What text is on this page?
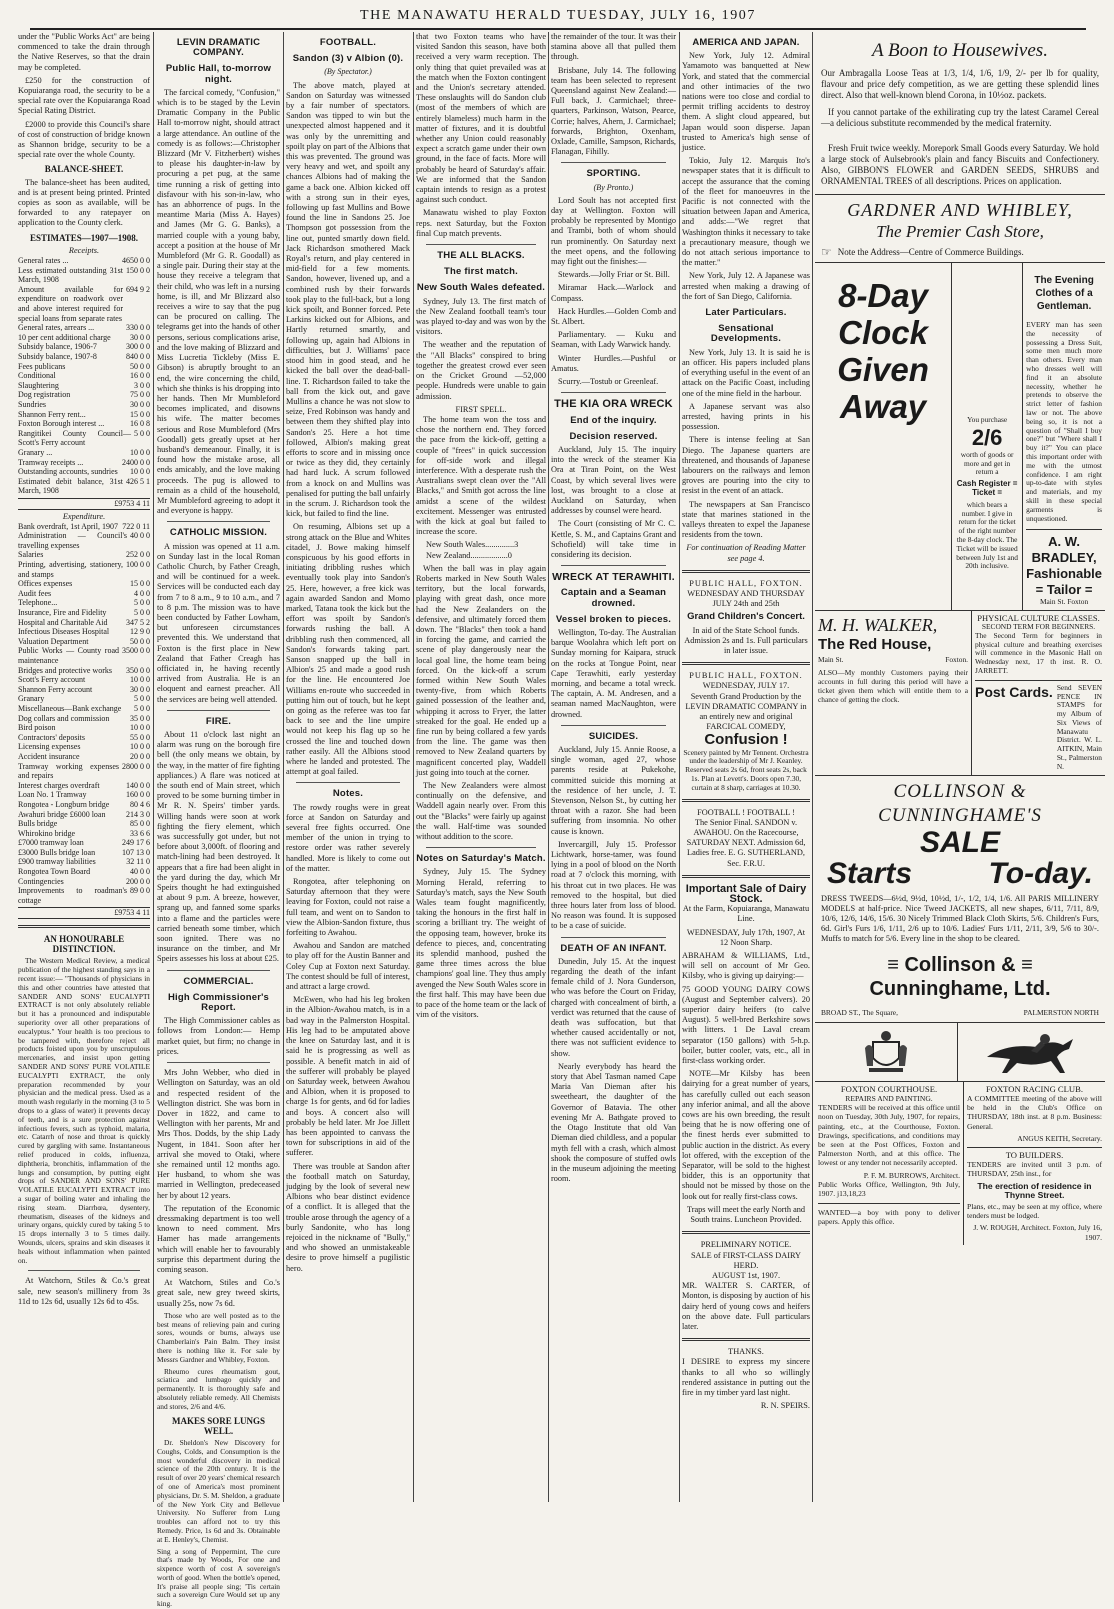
THE MANAWATU HERALD TUESDAY, JULY 16, 1907

under the "Public Works Act" are being commenced to take the drain through the Native Reserves, so that the drain may be completed.

£250 for the construction of Kopuiaranga road, the security to be a special rate over the Kopuiaranga Road Special Rating District.

£2000 to provide this Council's share of cost of construction of bridge known as Shannon bridge, security to be a special rate over the whole County.

BALANCE-SHEET.

The balance-sheet has been audited, and is at present being printed. Printed copies as soon as available, will be forwarded to any ratepayer on application to the County clerk.

ESTIMATES—1907—1908.
Receipts.
General rates ...	4650 0 0
Less estimated outstanding 31st March, 1908
150 0 0
Amount available for expenditure on roadwork over and above interest required for special loans from separate rates
694 9 2
General rates, arrears ...	330 0 0
10 per cent additional charge	30 0 0
Subsidy balance, 1906-7	300 0 0
Subsidy balance, 1907-8	840 0 0
Fees publicans	50 0 0
Conditional	16 0 0
Slaughtering	3 0 0
Dog registration	75 0 0
Sundries	30 0 0
Shannon Ferry rent...	15 0 0
Foxton Borough interest ...	16 0 8
Rangitikei County Council—Scott's Ferry account
5 0 0
Granary ...	10 0 0
Tramway receipts ...	2400 0 0
Outstanding accounts, sundries	10 0 0
Estimated debit balance, 31st March, 1908
426 5 1
£9753 4 11
Expenditure.
Bank overdraft, 1st April, 1907 722 0 11
Administration — Council's travelling expenses
40 0 0
Salaries	252 0 0
Printing, advertising, stationery, and stamps
100 0 0
Offices expenses	15 0 0
Audit fees	4 0 0
Telephone...	5 0 0
Insurance, Fire and Fidelity	5 0 0
Hospital and Charitable Aid	347 5 2
Infectious Diseases Hospital	12 9 0
Valuation Department	50 0 0
Public Works — County road maintenance
3500 0 0
Bridges and protective works	350 0 0
Scott's Ferry account	10 0 0
Shannon Ferry account	30 0 0
Granary	5 0 0
Miscellaneous—Bank exchange	5 0 0
Dog collars and commission	35 0 0
Bird poison	10 0 0
Contractors' deposits	55 0 0
Licensing expenses	10 0 0
Accident insurance	20 0 0
Tramway working expenses and repairs
2800 0 0
Interest charges overdraft	140 0 0
Loan No. 1 Tramway	160 0 0
Rongotea - Longburn bridge	80 4 6
Awahuri bridge £6000 loan	214 3 0
Bulls bridge	85 0 0
Whirokino bridge	33 6 6
£7000 tramway loan	249 17 6
£3000 Bulls bridge loan	107 13 0
£900 tramway liabilities	32 11 0
Rongotea Town Board	40 0 0
Contingencies	200 0 0
Improvements to roadman's cottage
89 0 0
£9753 4 11
AN HONOURABLE DISTINCTION.

The Western Medical Review, a medical publication of the highest standing says in a recent issue:— "Thousands of physicians in this and other countries have attested that SANDER AND SONS' EUCALYPTI EXTRACT is not only absolutely reliable but it has a pronounced and indisputable superiority over all other preparations of eucalyptus." Your health is too precious to be tampered with, therefore reject all products foisted upon you by unscrupulous mercenaries, and insist upon getting SANDER AND SONS' PURE VOLATILE EUCALYPTI EXTRACT, the only preparation recommended by your physician and the medical press. Used as a mouth wash regularly in the morning (3 to 5 drops to a glass of water) it prevents decay of teeth, and is a sure protection against infectious fevers, such as typhoid, malaria, etc. Catarrh of nose and throat is quickly cured by gargling with same. Instantaneous relief produced in colds, influenza, diphtheria, bronchitis, inflammation of the lungs and consumption, by putting eight drops of SANDER AND SONS' PURE VOLATILE EUCALYPTI EXTRACT into a sugar of boiling water and inhaling the rising steam. Diarrhœa, dysentery, rheumatism, diseases of the kidneys and urinary organs, quickly cured by taking 5 to 15 drops internally 3 to 5 times daily. Wounds, ulcers, sprains and skin diseases it heals without inflammation when painted on.

At Watchorn, Stiles & Co.'s great sale, new season's millinery from 3s 11d to 12s 6d, usually 12s 6d to 45s.

LEVIN DRAMATIC COMPANY.
Public Hall, to-morrow night.

The farcical comedy, "Confusion," which is to be staged by the Levin Dramatic Company in the Public Hall to-morrow night, should attract a large attendance. An outline of the comedy is as follows:—Christopher Blizzard (Mr V. Fitzherbert) wishes to please his daughter-in-law by procuring a pet pug, at the same time running a risk of getting into disfavour with his son-in-law, who has an abhorrence of pugs. In the meantime Maria (Miss A. Hayes) and James (Mr G. G. Banks), a married couple with a young baby, accept a position at the house of Mr Mumbleford (Mr G. R. Goodall) as a single pair. During their stay at the house they receive a telegram that their child, who was left in a nursing home, is ill, and Mr Blizzard also receives a wire to say that the pug can be procured on calling. The telegrams get into the hands of other persons, serious complications arise, and the love making of Blizzard and Miss Lucretia Tickleby (Miss E. Gibson) is abruptly brought to an end, the wire concerning the child, which she thinks is his dropping into her hands. Then Mr Mumbleford becomes implicated, and disowns his wife. The matter becomes serious and Rose Mumbleford (Mrs Goodall) gets greatly upset at her husband's demeanour. Finally, it is found how the mistake arose, all ends amicably, and the love making proceeds. The pug is allowed to remain as a child of the household, Mr Mumbleford agreeing to adopt it and everyone is happy.

CATHOLIC MISSION.

A mission was opened at 11 a.m. on Sunday last in the local Roman Catholic Church, by Father Creagh, and will be continued for a week. Services will be conducted each day from 7 to 8 a.m., 9 to 10 a.m., and 7 to 8 p.m. The mission was to have been conducted by Father Lowham, but unforeseen circumstances prevented this. We understand that Foxton is the first place in New Zealand that Father Creagh has officiated in, he having recently arrived from Australia. He is an eloquent and earnest preacher. All the services are being well attended.

FIRE.

About 11 o'clock last night an alarm was rung on the borough fire bell (the only means we obtain, by the way, in the matter of fire fighting appliances.) A flare was noticed at the south end of Main street, which proved to be some burning timber in Mr R. N. Speirs' timber yards. Willing hands were soon at work fighting the fiery element, which was successfully got under, but not before about 3,000ft. of flooring and match-lining had been destroyed. It appears that a fire had been alight in the yard during the day, which Mr Speirs thought he had extinguished at about 9 p.m. A breeze, however, sprang up, and fanned some sparks into a flame and the particles were carried beneath some timber, which soon ignited. There was no insurance on the timber, and Mr Speirs assesses his loss at about £25.

COMMERCIAL.
High Commissioner's Report.

The High Commissioner cables as follows from London:— Hemp market quiet, but firm; no change in prices.

Mrs John Webber, who died in Wellington on Saturday, was an old and respected resident of the Wellington district. She was born in Dover in 1822, and came to Wellington with her parents, Mr and Mrs Thos. Dodds, by the ship Lady Nugent, in 1841. Soon after her arrival she moved to Otaki, where she remained until 12 months ago. Her husband, to whom she was married in Wellington, predeceased her by about 12 years.

The reputation of the Economic dressmaking department is too well known to need comment. Mrs Hamer has made arrangements which will enable her to favourably surprise this department during the coming season.

At Watchorn, Stiles and Co.'s great sale, new grey tweed skirts, usually 25s, now 7s 6d.

Those who are well posted as to the best means of relieving pain and curing sores, wounds or burns, always use Chamberlain's Pain Balm. They insist there is nothing like it. For sale by Messrs Gardner and Whibley, Foxton.

Rheumo cures rheumatism gout, sciatica and lumbago quickly and permanently. It is thoroughly safe and absolutely reliable remedy. All Chemists and stores, 2/6 and 4/6.

MAKES SORE LUNGS WELL.

Dr. Sheldon's New Discovery for Coughs, Colds, and Consumption is the most wonderful discovery in medical science of the 20th century. It is the result of over 20 years' chemical research of one of America's most prominent physicians, Dr. S. M. Sheldon, a graduate of the New York City and Bellevue University. No Sufferer from Lung troubles can afford not to try this Remedy. Price, 1s 6d and 3s. Obtainable at E. Henley's, Chemist.

Sing a song of Peppermint, The cure that's made by Woods, For one and sixpence worth of cost A sovereign's worth of good. When the bottle's opened, It's praise all people sing; 'Tis certain such a sovereign Cure Would set up any king.

FOOTBALL.
Sandon (3) v Albion (0).
(By Spectator.)

The above match, played at Sandon on Saturday was witnessed by a fair number of spectators. Sandon was tipped to win but the unexpected almost happened and it was only by the unremitting and spoilt play on part of the Albions that this was prevented. The ground was very heavy and wet, and spoilt any chances Albions had of making the game a back one. Albion kicked off with a strong sun in their eyes, following up fast Mullins and Bowe found the line in Sandons 25. Joe Thompson got possession from the line out, punted smartly down field. Jack Richardson smothered Mack Royal's return, and play centered in mid-field for a few moments. Sandon, however, livened up, and a combined rush by their forwards took play to the full-back, but a long kick spoilt, and Bonner forced. Pete Larkins kicked out for Albions, and Hartly returned smartly, and following up, again had Albions in difficulties, but J. Williams' pace stood him in good stead, and he kicked the ball over the dead-ball-line. T. Richardson failed to take the ball from the kick out, and gave Mullins a chance he was not slow to seize, Fred Robinson was handy and between them they shifted play into Sandon's 25. Here a hot time followed, Albion's making great efforts to score and in missing once or twice as they did, they certainly had hard luck. A scrum followed from a knock on and Mullins was penalised for putting the ball unfairly in the scrum. J. Richardson took the kick, but failed to find the line.

On resuming, Albions set up a strong attack on the Blue and Whites citadel, J. Bowe making himself conspicuous by his good efforts in initiating dribbling rushes which eventually took play into Sandon's 25. Here, however, a free kick was again awarded Sandon and Momo marked, Tatana took the kick but the effort was spoilt by Sandon's forwards rushing the ball. A dribbling rush then commenced, all Sandon's forwards taking part. Sanson snapped up the ball in Albion's 25 and made a good rush for the line. He encountered Joe Williams en-route who succeeded in putting him out of touch, but he kept on going as the referee was too far back to see and the line umpire would not keep his flag up so he crossed the line and touched down rather easily. All the Albions stood where he landed and protested. The attempt at goal failed.

Notes.

The rowdy roughs were in great force at Sandon on Saturday and several free fights occurred. One member of the union in trying to restore order was rather severely handled. More is likely to come out of the matter.

Rongotea, after telephoning on Saturday afternoon that they were leaving for Foxton, could not raise a full team, and went on to Sandon to view the Albion-Sandon fixture, thus forfeiting to Awahou.

Awahou and Sandon are matched to play off for the Austin Banner and Coley Cup at Foxton next Saturday. The contest should be full of interest, and attract a large crowd.

McEwen, who had his leg broken in the Albion-Awahou match, is in a bad way in the Palmerston Hospital. His leg had to be amputated above the knee on Saturday last, and it is said he is progressing as well as possible. A benefit match in aid of the sufferer will probably be played on Saturday week, between Awahou and Albion, when it is proposed to charge 1s for gents, and 6d for ladies and boys. A concert also will probably be held later. Mr Joe Jillett has been appointed to canvass the town for subscriptions in aid of the sufferer.

There was trouble at Sandon after the football match on Saturday, judging by the look of several new Albions who bear distinct evidence of a conflict. It is alleged that the trouble arose through the agency of a burly Sandonite, who has long rejoiced in the nickname of "Bully," and who showed an unmistakeable desire to prove himself a pugilistic hero.

that two Foxton teams who have visited Sandon this season, have both received a very warm reception. The only thing that quiet prevailed was at the match when the Foxton contingent and the Union's secretary attended. These onslaughts will do Sandon club (most of the members of which are entirely blameless) much harm in the matter of fixtures, and it is doubtful whether any Union could reasonably expect a scratch game under their own ground, in the face of facts. More will probably be heard of Saturday's affair. We are informed that the Sandon captain intends to resign as a protest against such conduct.

Manawatu wished to play Foxton reps. next Saturday, but the Foxton final Cup match prevents.

THE ALL BLACKS.
The first match.
New South Wales defeated.

Sydney, July 13. The first match of the New Zealand football team's tour was played to-day and was won by the visitors.

The weather and the reputation of the "All Blacks" conspired to bring together the greatest crowd ever seen on the Cricket Ground —52,000 people. Hundreds were unable to gain admission.

FIRST SPELL.

The home team won the toss and chose the northern end. They forced the pace from the kick-off, getting a couple of "frees" in quick succession for off-side work and illegal interference. With a desperate rush the Australians swept clean over the "All Blacks," and Smith got across the line amidst a scene of the wildest excitement. Messenger was entrusted with the kick at goal but failed to increase the score.

New South Wales..............3
New Zealand..................0

When the ball was in play again Roberts marked in New South Wales territory, but the local forwards, playing with great dash, once more had the New Zealanders on the defensive, and ultimately forced them down. The "Blacks" then took a hand in forcing the game, and carried the scene of play dangerously near the local goal line, the home team being forced. On the kick-off a scrum formed within New South Wales twenty-five, from which Roberts gained possession of the leather and, whipping it across to Fryer, the latter streaked for the goal. He ended up a fine run by being collared a few yards from the line. The game was then removed to New Zealand quarters by magnificent concerted play, Waddell just going into touch at the corner.

The New Zealanders were almost continually on the defensive, and Waddell again nearly over. From this out the "Blacks" were fairly up against the wall. Half-time was sounded without addition to the score.

Notes on Saturday's Match.

Sydney, July 15. The Sydney Morning Herald, referring to Saturday's match, says the New South Wales team fought magnificently, taking the honours in the first half in scoring a brilliant try. The weight of the opposing team, however, broke its defence to pieces, and, concentrating its splendid manhood, pushed the game three times across the blue champions' goal line. They thus amply avenged the New South Wales score in the first half. This may have been due to pace of the home team or the lack of vim of the visitors.

the remainder of the tour. It was their stamina above all that pulled them through.

Brisbane, July 14. The following team has been selected to represent Queensland against New Zealand:—Full back, J. Carmichael; three-quarters, Parkinson, Watson, Pearce, Corrie; halves, Ahern, J. Carmichael; forwards, Brighton, Oxenham, Oxlade, Camille, Sampson, Richards, Flanagan, Fihilly.

SPORTING.
(By Pronto.)

Lord Soult has not accepted first day at Wellington. Foxton will probably be represented by Montigo and Trambi, both of whom should run prominently. On Saturday next the meet opens, and the following may fight out the finishes:—

Stewards.—Jolly Friar or St. Bill.

Miramar Hack.—Warlock and Compass.

Hack Hurdles.—Golden Comb and St. Albert.

Parliamentary. — Kuku and Seaman, with Lady Warwick handy.

Winter Hurdles.—Pushful or Amatus.

Scurry.—Tostub or Greenleaf.

THE KIA ORA WRECK
End of the inquiry.
Decision reserved.

Auckland, July 15. The inquiry into the wreck of the steamer Kia Ora at Tiran Point, on the West Coast, by which several lives were lost, was brought to a close at Auckland on Saturday, when addresses by counsel were heard.

The Court (consisting of Mr C. C. Kettle, S. M., and Captains Grant and Schofield) will take time in considering its decision.

WRECK AT TERAWHITI.
Captain and a Seaman drowned.
Vessel broken to pieces.

Wellington, To-day. The Australian barque Woolahra which left port on Sunday morning for Kaipara, struck on the rocks at Tongue Point, near Cape Terawhiti, early yesterday morning, and became a total wreck. The captain, A. M. Andresen, and a seaman named MacNaughton, were drowned.

SUICIDES.

Auckland, July 15. Annie Roose, a single woman, aged 27, whose parents reside at Pukekohe, committed suicide this morning at the residence of her uncle, J. T. Stevenson, Nelson St., by cutting her throat with a razor. She had been suffering from insomnia. No other cause is known.

Invercargill, July 15. Professor Lichtwark, horse-tamer, was found lying in a pool of blood on the North road at 7 o'clock this morning, with his throat cut in two places. He was removed to the hospital, but died three hours later from loss of blood. No reason was found. It is supposed to be a case of suicide.

DEATH OF AN INFANT.

Dunedin, July 15. At the inquest regarding the death of the infant female child of J. Nora Gunderson, who was before the Court on Friday, charged with concealment of birth, a verdict was returned that the cause of death was suffocation, but that whether caused accidentally or not, there was not sufficient evidence to show.

Nearly everybody has heard the story that Abel Tasman named Cape Maria Van Dieman after his sweetheart, the daughter of the Governor of Batavia. The other evening Mr A. Bathgate proved to the Otago Institute that old Van Dieman died childless, and a popular myth fell with a crash, which almost shook the composure of stuffed owls in the museum adjoining the meeting room.

AMERICA AND JAPAN.

New York, July 12. Admiral Yamamoto was banquetted at New York, and stated that the commercial and other intimacies of the two nations were too close and cordial to permit trifling accidents to destroy them. A slight cloud appeared, but Japan would soon disperse. Japan trusted to America's high sense of justice.

Tokio, July 12. Marquis Ito's newspaper states that it is difficult to accept the assurance that the coming of the fleet for manoeuvres in the Pacific is not connected with the situation between Japan and America, and adds:—"We regret that Washington thinks it necessary to take a precautionary measure, though we do not attach serious importance to the matter."

New York, July 12. A Japanese was arrested when making a drawing of the fort of San Diego, California.

Later Particulars.
Sensational Developments.

New York, July 13. It is said he is an officer. His papers included plans of everything useful in the event of an attack on the Pacific Coast, including one of the mine field in the harbour.

A Japanese servant was also arrested, having prints in his possession.

There is intense feeling at San Diego. The Japanese quarters are threatened, and thousands of Japanese labourers on the railways and lemon groves are pouring into the city to resist in the event of an attack.

The newspapers at San Francisco state that marines stationed in the valleys threaten to expel the Japanese residents from the town.

For continuation of Reading Matter see page 4.
PUBLIC HALL, FOXTON.
WEDNESDAY AND THURSDAY JULY 24th and 25th
Grand Children's Concert.
In aid of the State School funds. Admission 2s and 1s. Full particulars in later issue.
PUBLIC HALL, FOXTON.
WEDNESDAY, JULY 17.
Seventh Grand Production by the LEVIN DRAMATIC COMPANY in an entirely new and original FARCICAL COMEDY,
Confusion !
Scenery painted by Mr Tennent. Orchestra under the leadership of Mr J. Keanley. Reserved seats 2s 6d, front seats 2s, back 1s. Plan at Levett's. Doors open 7.30, curtain at 8 sharp, carriages at 10.30.
FOOTBALL ! FOOTBALL !
The Senior Final. SANDON v. AWAHOU. On the Racecourse, SATURDAY NEXT. Admission 6d, Ladies free. E. G. SUTHERLAND, Sec. F.R.U.
Important Sale of Dairy Stock.
At the Farm, Kopuiaranga, Manawatu Line.
WEDNESDAY, July 17th, 1907, At 12 Noon Sharp.

ABRAHAM & WILLIAMS, Ltd., will sell on account of Mr Geo. Kilsby, who is giving up dairying:—

75 GOOD YOUNG DAIRY COWS (August and September calvers). 20 superior dairy heifers (to calve August). 5 well-bred Berkshire sows with litters. 1 De Laval cream separator (150 gallons) with 5-h.p. boiler, butter cooler, vats, etc., all in first-class working order.

NOTE—Mr Kilsby has been dairying for a great number of years, has carefully culled out each season any inferior animal, and all the above cows are his own breeding, the result being that he is now offering one of the finest herds ever submitted to public auction in the district. As every lot offered, with the exception of the Separator, will be sold to the highest bidder, this is an opportunity that should not be missed by those on the look out for really first-class cows.

Traps will meet the early North and South trains. Luncheon Provided.
PRELIMINARY NOTICE.
SALE of FIRST-CLASS DAIRY HERD.
AUGUST 1st, 1907.

MR. WALTER S. CARTER, of Monton, is disposing by auction of his dairy herd of young cows and heifers on the above date. Full particulars later.

THANKS.

I DESIRE to express my sincere thanks to all who so willingly rendered assistance in putting out the fire in my timber yard last night.

R. N. SPEIRS.
A Boon to Housewives.

Our Ambragalla Loose Teas at 1/3, 1/4, 1/6, 1/9, 2/- per lb for quality, flavour and price defy competition, as we are getting these splendid lines direct. Also that well-known blend Corona, in 10½oz. packets.

If you cannot partake of the exhilirating cup try the latest Caramel Cereal—a delicious substitute recommended by the medical fraternity.

Fresh Fruit twice weekly. Morepork Small Goods every Saturday. We hold a large stock of Aulsebrook's plain and fancy Biscuits and Confectionery. Also, GIBBON'S FLOWER and GARDEN SEEDS, SHRUBS and ORNAMENTAL TREES of all descriptions. Prices on application.

GARDNER AND WHIBLEY,
The Premier Cash Store,
☞ Note the Address—Centre of Commerce Buildings.
8-Day
Clock
Given
Away	You purchase
2/6
worth of goods or more and get in return a
Cash Register = Ticket =
which bears a number. I give in return for the ticket of the right number the 8-day clock. The Ticket will be issued between July 1st and 20th inclusive.
The Evening Clothes of a Gentleman.

EVERY man has seen the necessity of possessing a Dress Suit, some men much more than others. Every man who dresses well will find it an absolute necessity, whether he pretends to observe the strict letter of fashion law or not. The above being so, it is not a question of "Shall I buy one?" but "Where shall I buy it?" You can place this important order with me with the utmost confidence. I am right up-to-date with styles and materials, and my skill in these special garments is unquestioned.

A. W. BRADLEY,
Fashionable
= Tailor =
Main St. Foxton
M. H. WALKER,
The Red House,
Main St.	Foxton.

ALSO—My monthly Customers paying their accounts in full during this period will have a ticket given them which will entitle them to a chance of getting the clock.

PHYSICAL CULTURE CLASSES.
SECOND TERM FOR BEGINNERS.

The Second Term for beginners in physical culture and breathing exercises will commence in the Masonic Hall on Wednesday next, 17 th inst. R. O. JARRETT.

Post Cards. Send SEVEN PENCE IN STAMPS for my Album of Six Views of Manawatu District. W. L. AITKIN, Main St., Palmerston N.
COLLINSON & CUNNINGHAME'S
SALE
Starts	To-day.

DRESS TWEEDS—6½d, 9½d, 10½d, 1/-, 1/2, 1/4, 1/6. All PARIS MILLINERY MODELS at half-price. Nice Tweed JACKETS, all new shapes, 6/11, 7/11, 8/9, 10/6, 12/6, 14/6, 15/6. 30 Nicely Trimmed Black Cloth Skirts, 5/6. Children's Furs, 6d. Girl's Furs 1/6, 1/11, 2/6 up to 10/6. Ladies' Furs 1/11, 2/11, 3/9, 5/6 to 30/-. Muffs to match for 5/6. Every line in the shop to be cleared.

≡ Collinson & ≡
Cunninghame, Ltd.
BROAD ST., The Square,	PALMERSTON NORTH
FOXTON COURTHOUSE.
REPAIRS AND PAINTING.

TENDERS will be received at this office until noon on Tuesday, 30th July, 1907, for repairs, painting, etc., at the Courthouse, Foxton. Drawings, specifications, and conditions may be seen at the Post Offices, Foxton and Palmerston North, and at this office. The lowest or any tender not necessarily accepted.

P. F. M. BURROWS, Architect.

Public Works Office, Wellington, 9th July, 1907. j13,18,23

WANTED—a boy with pony to deliver papers. Apply this office.

FOXTON RACING CLUB.

A COMMITTEE meeting of the above will be held in the Club's Office on THURSDAY, 18th inst. at 8 p.m. Business: General.

ANGUS KEITH, Secretary.
TO BUILDERS.

TENDERS are invited until 3 p.m. of THURSDAY, 25th inst., for

The erection of residence in Thynne Street.

Plans, etc., may be seen at my office, where tenders must be lodged.

J. W. ROUGH, Architect. Foxton, July 16, 1907.
